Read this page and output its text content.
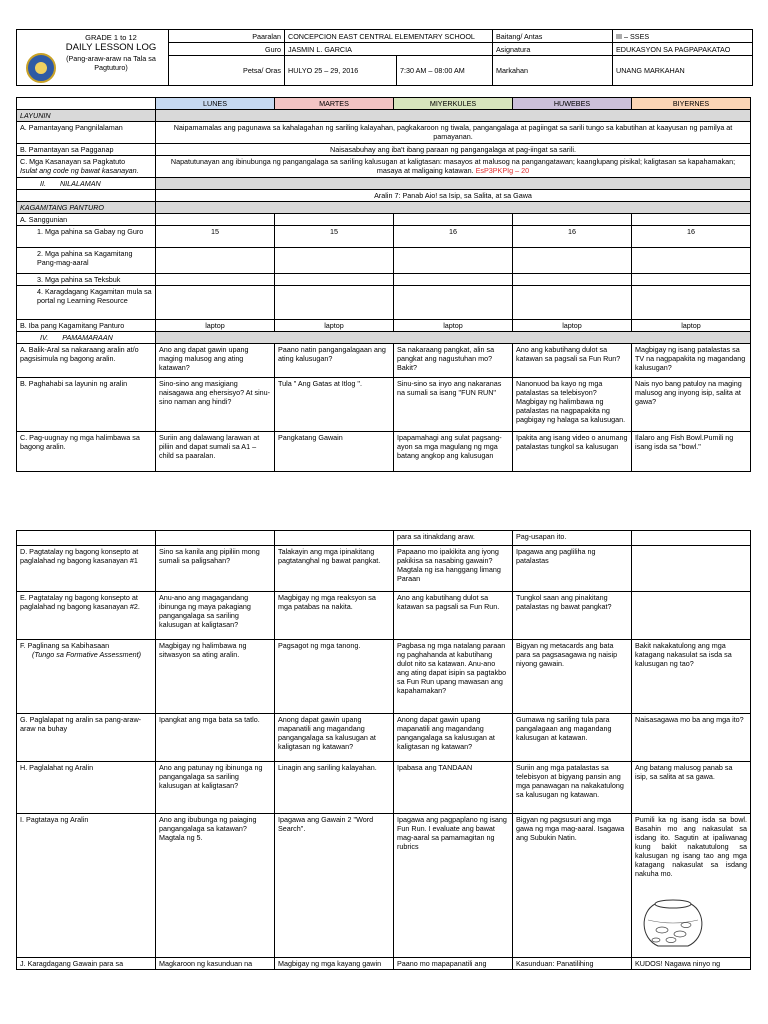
GRADE 1 to 12
DAILY LESSON LOG
(Pang-araw-araw na Tala sa Pagtuturo)	Paaralan	CONCEPCION EAST CENTRAL ELEMENTARY SCHOOL		Baitang/ Antas	III – SSES
	Guro	JASMIN L. GARCIA		Asignatura	EDUKASYON SA PAGPAPAKATAO
	Petsa/ Oras	HULYO 25 – 29, 2016	7:30 AM – 08:00 AM	Markahan	UNANG MARKAHAN
	LUNES	MARTES	MIYERKULES	HUWEBES	BIYERNES
LAYUNIN					
A. Pamantayang Pangnilalaman	Naipamamalas ang pagunawa sa kahalagahan ng sariling kalayahan, pagkakaroon ng tiwala, pangangalaga at pagiingat sa sarili tungo sa kabutihan at kaayusan ng pamilya at pamayanan.				
B. Pamantayan sa Pagganap	Naisasabuhay ang iba't ibang paraan ng pangangalaga at pag-iingat sa sarili.				
C. Mga Kasanayan sa Pagkatuto
Isulat ang code ng bawat kasanayan.	Napatutunayan ang ibinubunga ng pangangalaga sa sariling kalusugan at kaligtasan: masayos at malusog na pangangatawan; kaanglupang pisikal; kaligtasan sa kapahamakan; masaya at maligaing katawan. EsP3PKPIg – 20				
II. NILALAMAN					
	Aralin 7: Panab Aio! sa Isip, sa Salita, at sa Gawa				
KAGAMITANG PANTURO					
A. Sanggunian					
1. Mga pahina sa Gabay ng Guro	15	15	16	16	16
2. Mga pahina sa Kagamitang Pang-mag-aaral					
3. Mga pahina sa Teksbuk					
4. Karagdagang Kagamitan mula sa portal ng Learning Resource					
B. Iba pang Kagamitang Panturo	laptop	laptop	laptop	laptop	laptop
IV. PAMAMARAAN					
A. Balik-Aral sa nakaraang aralin at/o pagsisimula ng bagong aralin.	Ano ang dapat gawin upang maging malusog ang ating katawan?	Paano natin pangangalagaan ang ating kalusugan?	Sa nakaraang pangkat, alin sa pangkat ang nagustuhan mo? Bakit?	Ano ang kabutihang dulot sa katawan sa pagsali sa Fun Run?	Magbigay ng isang patalastas sa TV na nagpapakita ng magandang kalusugan?
B. Paghahabi sa layunin ng aralin	Sino-sino ang masigiang naisagawa ang ehersisyo? At sinu-sino naman ang hindi?	Tula " Ang Gatas at Itlog ".	Sinu-sino sa inyo ang nakaranas na sumali sa isang "FUN RUN"	Nanonuod ba kayo ng mga patalastas sa telebisyon? Magbigay ng halimbawa ng patalastas na nagpapakita ng pagbigay ng halaga sa kalusugan.	Nais nyo bang patuloy na maging malusog ang inyong isip, salita at gawa?
C. Pag-uugnay ng mga halimbawa sa bagong aralin.	Suriin ang dalawang larawan at piliin and dapat sumali sa A1 – child sa paaralan.	Pangkatang Gawain	Ipapamahagi ang sulat pagsang-ayon sa mga magulang ng mga batang angkop ang kalusugan	Ipakita ang isang video o anumang patalastas tungkol sa kalusugan	Ilalaro ang Fish Bowl.Pumili ng isang isda sa "bowl."
			para sa itinakdang araw.	Pag-usapan ito.	
D. Pagtatalay ng bagong konsepto at paglalahad ng bagong kasanayan #1	Sino sa kanila ang pipiliin mong sumali sa paligsahan?	Talakayin ang mga ipinakitang pagtatanghal ng bawat pangkat.	Papaano mo ipakikita ang iyong pakikisa sa nasabing gawain? Magtala ng isa hanggang limang Paraan	Ipagawa ang pagliliha ng patalastas	
E. Pagtatalay ng bagong konsepto at paglalahad ng bagong kasanayan #2.	Anu-ano ang magagandang ibinunga ng maya pakagiang pangangalaga sa sariling kalusugan at kaligtasan?	Magbigay ng mga reaksyon sa mga patabas na nakita.	Ano ang kabutihang dulot sa katawan sa pagsali sa Fun Run.	Tungkol saan ang pinakitang patalastas ng bawat pangkat?	
F. Paglinang sa Kabihasaan
(Tungo sa Formative Assessment)	Magbigay ng halimbawa ng sitwasyon sa ating aralin.	Pagsagot ng mga tanong.	Pagbasa ng mga natalang paraan ng paghahanda at kabutihang dulot nito sa katawan. Anu-ano ang ating dapat isipin sa pagtakbo sa Fun Run upang mawasan ang kapahamakan?	Bigyan ng metacards ang bata para sa pagsasagawa ng naisip niyong gawain.	Bakit nakakatulong ang mga katagang nakasulat sa isda sa kalusugan ng tao?
G. Paglalapat ng aralin sa pang-araw-araw na buhay	Ipangkat ang mga bata sa tatlo.	Anong dapat gawin upang mapanatili ang magandang pangangalaga sa kalusugan at kaligtasan ng katawan?	Anong dapat gawin upang mapanatili ang magandang pangangalaga sa kalusugan at kaligtasan ng katawan?	Gumawa ng sariling tula para pangalagaan ang magandang kalusugan at katawan.	Naisasagawa mo ba ang mga ito?
H. Paglalahat ng Aralin	Ano ang patunay ng ibinunga ng pangangalaga sa sariling kalusugan at kaligtasan?	Linagin ang sariling kalayahan.	Ipabasa ang TANDAAN	Suriin ang mga patalastas sa telebisyon at bigyang pansin ang mga panawagan na nakakatulong sa kalusugan ng katawan.	Ang batang malusog panab sa isip, sa salita at sa gawa.
I. Pagtataya ng Aralin	Ano ang ibubunga ng paiaging pangangalaga sa katawan? Magtala ng 5.	Ipagawa ang Gawain 2 "Word Search".	Ipagawa ang pagpaplano ng isang Fun Run. I evaluate ang bawat mag-aaral sa pamamagitan ng rubrics	Bigyan ng pagsusuri ang mga gawa ng mga mag-aaral. Isagawa ang Subukin Natin.	Pumili ka ng isang isda sa bowl. Basahin mo ang nakasulat sa isdang ito. Sagutin at ipaliwanag kung bakit nakatutulong sa kalusugan ng isang tao ang mga katagang nakasulat sa isdang nakuha mo.

J. Karagdagang Gawain para sa	Magkaroon ng kasunduan na	Magbigay ng mga kayang gawin	Paano mo mapapanatili ang	Kasunduan: Panatilihing	KUDOS! Nagawa ninyo ng
